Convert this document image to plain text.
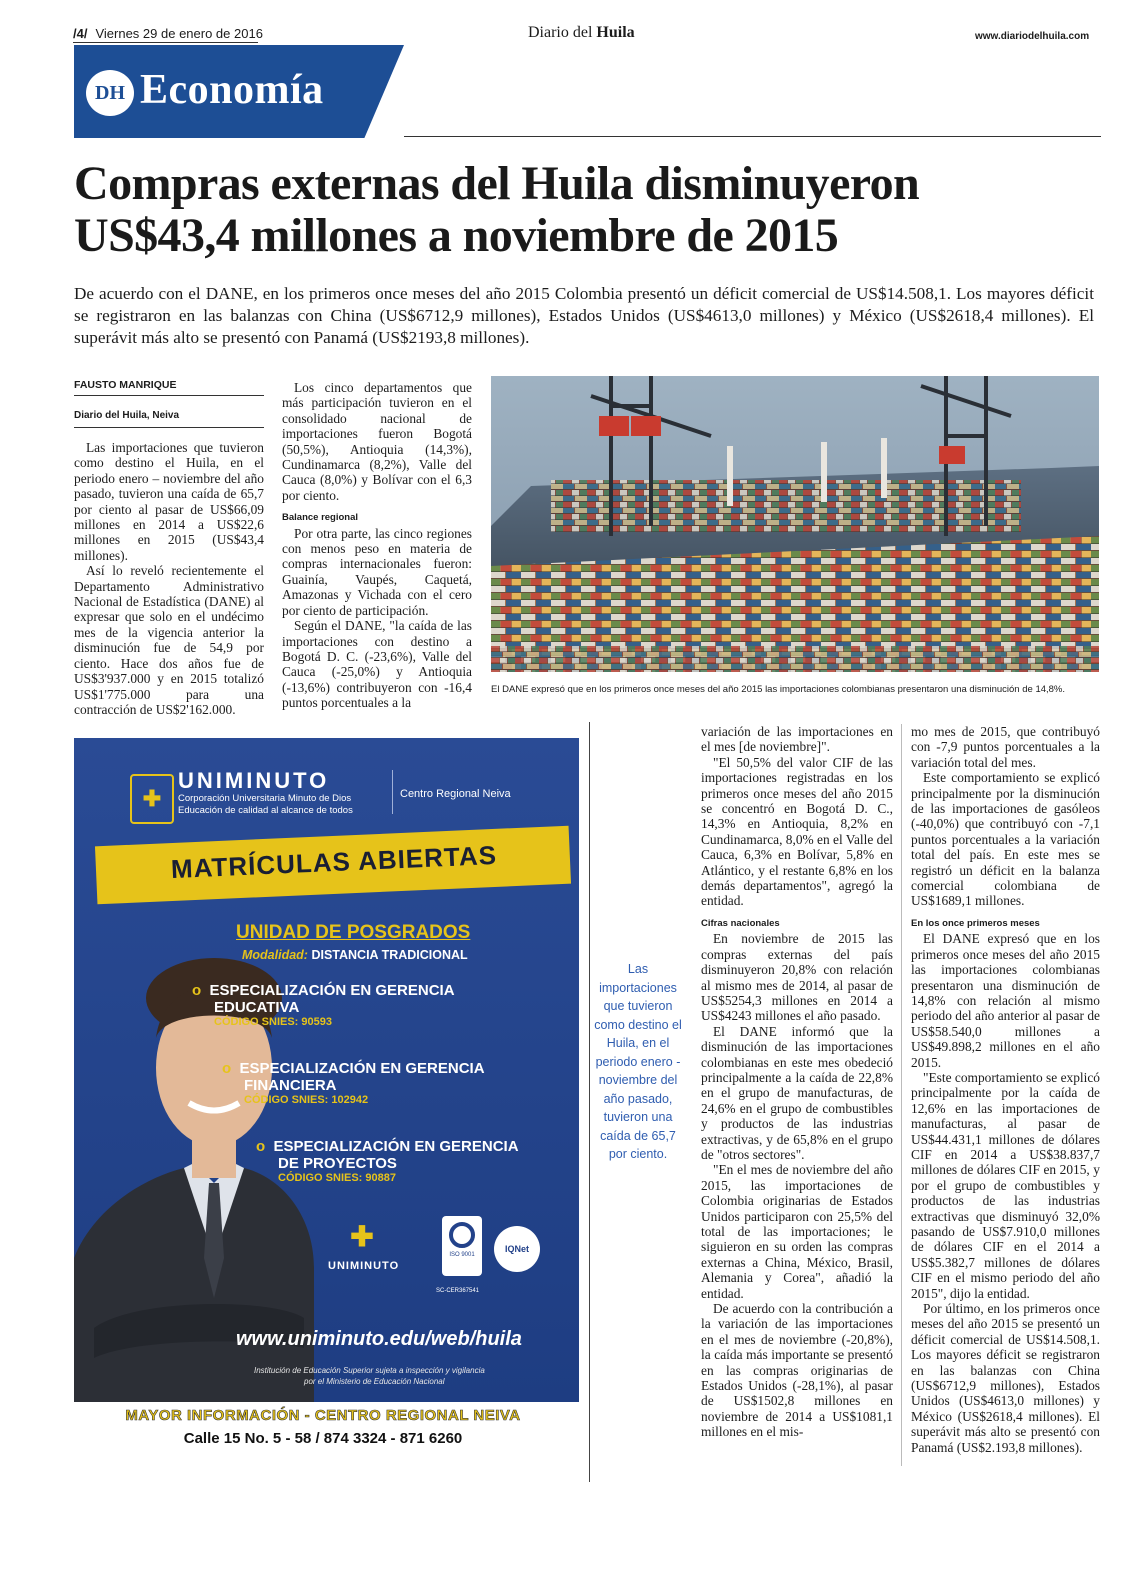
/4/ Viernes 29 de enero de 2016	Diario del Huila	www.diariodelhuila.com
DH Economía
Compras externas del Huila disminuyeron
US$43,4 millones a noviembre de 2015
De acuerdo con el DANE, en los primeros once meses del año 2015 Colombia presentó un déficit comercial de US$14.508,1. Los mayores déficit se registraron en las balanzas con China (US$6712,9 millones), Estados Unidos (US$4613,0 millones) y México (US$2618,4 millones). El superávit más alto se presentó con Panamá (US$2193,8 millones).
FAUSTO MANRIQUE
Diario del Huila, Neiva

Las importaciones que tuvieron como destino el Huila, en el periodo enero – noviembre del año pasado, tuvieron una caída de 65,7 por ciento al pasar de US$66,09 millones en 2014 a US$22,6 millones en 2015 (US$43,4 millones).

Así lo reveló recientemente el Departamento Administrativo Nacional de Estadística (DANE) al expresar que solo en el undécimo mes de la vigencia anterior la disminución fue de 54,9 por ciento. Hace dos años fue de US$3'937.000 y en 2015 totalizó US$1'775.000 para una contracción de US$2'162.000.

Los cinco departamentos que más participación tuvieron en el consolidado nacional de importaciones fueron Bogotá (50,5%), Antioquia (14,3%), Cundinamarca (8,2%), Valle del Cauca (8,0%) y Bolívar con el 6,3 por ciento.

Balance regional

Por otra parte, las cinco regiones con menos peso en materia de compras internacionales fueron: Guainía, Vaupés, Caquetá, Amazonas y Vichada con el cero por ciento de participación.

Según el DANE, "la caída de las importaciones con destino a Bogotá D. C. (-23,6%), Valle del Cauca (-25,0%) y Antioquia (-13,6%) contribuyeron con -16,4 puntos porcentuales a la

El DANE expresó que en los primeros once meses del año 2015 las importaciones colombianas presentaron una disminución de 14,8%.
✚
UNIMINUTO
Corporación Universitaria Minuto de Dios
Educación de calidad al alcance de todos
Centro Regional Neiva
MATRÍCULAS ABIERTAS
UNIDAD DE POSGRADOS
Modalidad: DISTANCIA TRADICIONAL
o ESPECIALIZACIÓN EN GERENCIA
EDUCATIVA
CÓDIGO SNIES: 90593
o ESPECIALIZACIÓN EN GERENCIA
FINANCIERA
CÓDIGO SNIES: 102942
o ESPECIALIZACIÓN EN GERENCIA
DE PROYECTOS
CÓDIGO SNIES: 90887
✚
UNIMINUTO
ISO 9001
SC-CER367541
IQNet
www.uniminuto.edu/web/huila
Institución de Educación Superior sujeta a inspección y vigilancia
por el Ministerio de Educación Nacional
MAYOR INFORMACIÓN - CENTRO REGIONAL NEIVA
Calle 15 No. 5 - 58 / 874 3324 - 871 6260
Las importaciones que tuvieron como destino el Huila, en el periodo enero - noviembre del año pasado, tuvieron una caída de 65,7 por ciento.

variación de las importaciones en el mes [de noviembre]".

"El 50,5% del valor CIF de las importaciones registradas en los primeros once meses del año 2015 se concentró en Bogotá D. C., 14,3% en Antioquia, 8,2% en Cundinamarca, 8,0% en el Valle del Cauca, 6,3% en Bolívar, 5,8% en Atlántico, y el restante 6,8% en los demás departamentos", agregó la entidad.

Cifras nacionales

En noviembre de 2015 las compras externas del país disminuyeron 20,8% con relación al mismo mes de 2014, al pasar de US$5254,3 millones en 2014 a US$4243 millones el año pasado.

El DANE informó que la disminución de las importaciones colombianas en este mes obedeció principalmente a la caída de 22,8% en el grupo de manufacturas, de 24,6% en el grupo de combustibles y productos de las industrias extractivas, y de 65,8% en el grupo de "otros sectores".

"En el mes de noviembre del año 2015, las importaciones de Colombia originarias de Estados Unidos participaron con 25,5% del total de las importaciones; le siguieron en su orden las compras externas a China, México, Brasil, Alemania y Corea", añadió la entidad.

De acuerdo con la contribución a la variación de las importaciones en el mes de noviembre (-20,8%), la caída más importante se presentó en las compras originarias de Estados Unidos (-28,1%), al pasar de US$1502,8 millones en noviembre de 2014 a US$1081,1 millones en el mis-

mo mes de 2015, que contribuyó con -7,9 puntos porcentuales a la variación total del mes.

Este comportamiento se explicó principalmente por la disminución de las importaciones de gasóleos (-40,0%) que contribuyó con -7,1 puntos porcentuales a la variación total del país. En este mes se registró un déficit en la balanza comercial colombiana de US$1689,1 millones.

En los once primeros meses

El DANE expresó que en los primeros once meses del año 2015 las importaciones colombianas presentaron una disminución de 14,8% con relación al mismo periodo del año anterior al pasar de US$58.540,0 millones a US$49.898,2 millones en el año 2015.

"Este comportamiento se explicó principalmente por la caída de 12,6% en las importaciones de manufacturas, al pasar de US$44.431,1 millones de dólares CIF en 2014 a US$38.837,7 millones de dólares CIF en 2015, y por el grupo de combustibles y productos de las industrias extractivas que disminuyó 32,0% pasando de US$7.910,0 millones de dólares CIF en el 2014 a US$5.382,7 millones de dólares CIF en el mismo periodo del año 2015", dijo la entidad.

Por último, en los primeros once meses del año 2015 se presentó un déficit comercial de US$14.508,1. Los mayores déficit se registraron en las balanzas con China (US$6712,9 millones), Estados Unidos (US$4613,0 millones) y México (US$2618,4 millones). El superávit más alto se presentó con Panamá (US$2.193,8 millones).
